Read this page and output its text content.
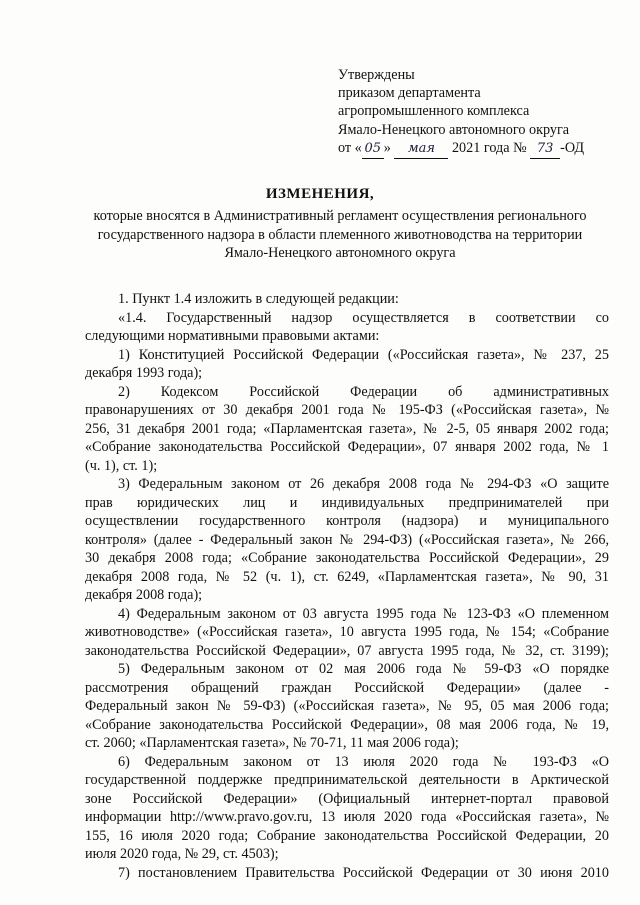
Утверждены
приказом департамента
агропромышленного комплекса
Ямало-Ненецкого автономного округа
от « 05 » мая 2021 года № 73 -ОД
ИЗМЕНЕНИЯ,
которые вносятся в Административный регламент осуществления регионального
государственного надзора в области племенного животноводства на территории
Ямало-Ненецкого автономного округа
1. Пункт 1.4 изложить в следующей редакции:
«1.4. Государственный надзор осуществляется в соответствии со
следующими нормативными правовыми актами:
1) Конституцией Российской Федерации («Российская газета», № 237, 25
декабря 1993 года);
2) Кодексом Российской Федерации об административных
правонарушениях от 30 декабря 2001 года № 195-ФЗ («Российская газета», №
256, 31 декабря 2001 года; «Парламентская газета», № 2-5, 05 января 2002 года;
«Собрание законодательства Российской Федерации», 07 января 2002 года, № 1
(ч. 1), ст. 1);
3) Федеральным законом от 26 декабря 2008 года № 294-ФЗ «О защите
прав юридических лиц и индивидуальных предпринимателей при
осуществлении государственного контроля (надзора) и муниципального
контроля» (далее - Федеральный закон № 294-ФЗ) («Российская газета», № 266,
30 декабря 2008 года; «Собрание законодательства Российской Федерации», 29
декабря 2008 года, № 52 (ч. 1), ст. 6249, «Парламентская газета», № 90, 31
декабря 2008 года);
4) Федеральным законом от 03 августа 1995 года № 123-ФЗ «О племенном
животноводстве» («Российская газета», 10 августа 1995 года, № 154; «Собрание
законодательства Российской Федерации», 07 августа 1995 года, № 32, ст. 3199);
5) Федеральным законом от 02 мая 2006 года № 59-ФЗ «О порядке
рассмотрения обращений граждан Российской Федерации» (далее -
Федеральный закон № 59-ФЗ) («Российская газета», № 95, 05 мая 2006 года;
«Собрание законодательства Российской Федерации», 08 мая 2006 года, № 19,
ст. 2060; «Парламентская газета», № 70-71, 11 мая 2006 года);
6) Федеральным законом от 13 июля 2020 года № 193-ФЗ «О
государственной поддержке предпринимательской деятельности в Арктической
зоне Российской Федерации» (Официальный интернет-портал правовой
информации http://www.pravo.gov.ru, 13 июля 2020 года «Российская газета», №
155, 16 июля 2020 года; Собрание законодательства Российской Федерации, 20
июля 2020 года, № 29, ст. 4503);
7) постановлением Правительства Российской Федерации от 30 июня 2010
